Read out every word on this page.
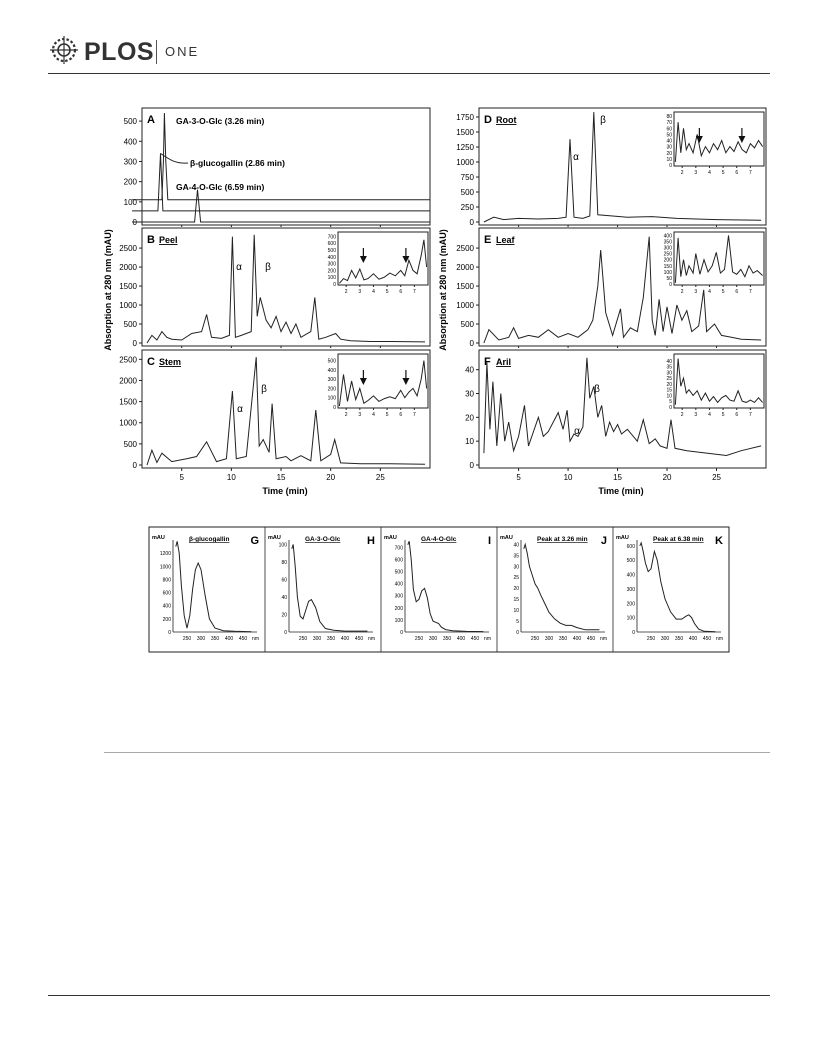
PLOS ONE
Absorption at 280 nm (mAU)	Absorption at 280 nm (mAU)
Time (min)	Time (min)
0
100
200
300
400
500 A GA-3-O-Glc (3.26 min)
β-glucogallin (2.86 min)
GA-4-O-Glc (6.59 min)
0
500
1000
1500
2000
2500
B Peel
α β
0
500
1000
1500
2000
2500
5	10	15	20	25
C Stem
α
β
0
250
500
750
1000
1250
1500
1750 D Root
α
β
0
500
1000
1500
2000
2500
E Leaf
0
10
20
30
40
5	10	15	20	25
F Aril
α
β
0
100
200
300
400
500
600
700
2 3 4 5 6 7
0
100
200
300
400
500
2 3 4 5 6 7
0
10
20
30
40
50
60
70
80
2 3 4 5 6 7
0
50
100
150
200
250
300
350
400
2 3 4 5 6 7
0
5
10
15
20
25
30
35
40
2 3 4 5 6 7
mAU
0
200
400
600
800
1000
1200
250 300 350 400 450 nm
β-glucogallin G mAU
0
20
40
60
80
100
250 300 350 400 450 nm
GA-3-O-Glc H mAU
0
100
200
300
400
500
600
700
250 300 350 400 450 nm
GA-4-O-Glc	I mAU
0
5
10
15
20
25
30
35
40
250 300 350 400 450 nm
Peak at 3.26 min J mAU
0
100
200
300
400
500
600
250 300 350 400 450 nm
Peak at 6.38 min K
